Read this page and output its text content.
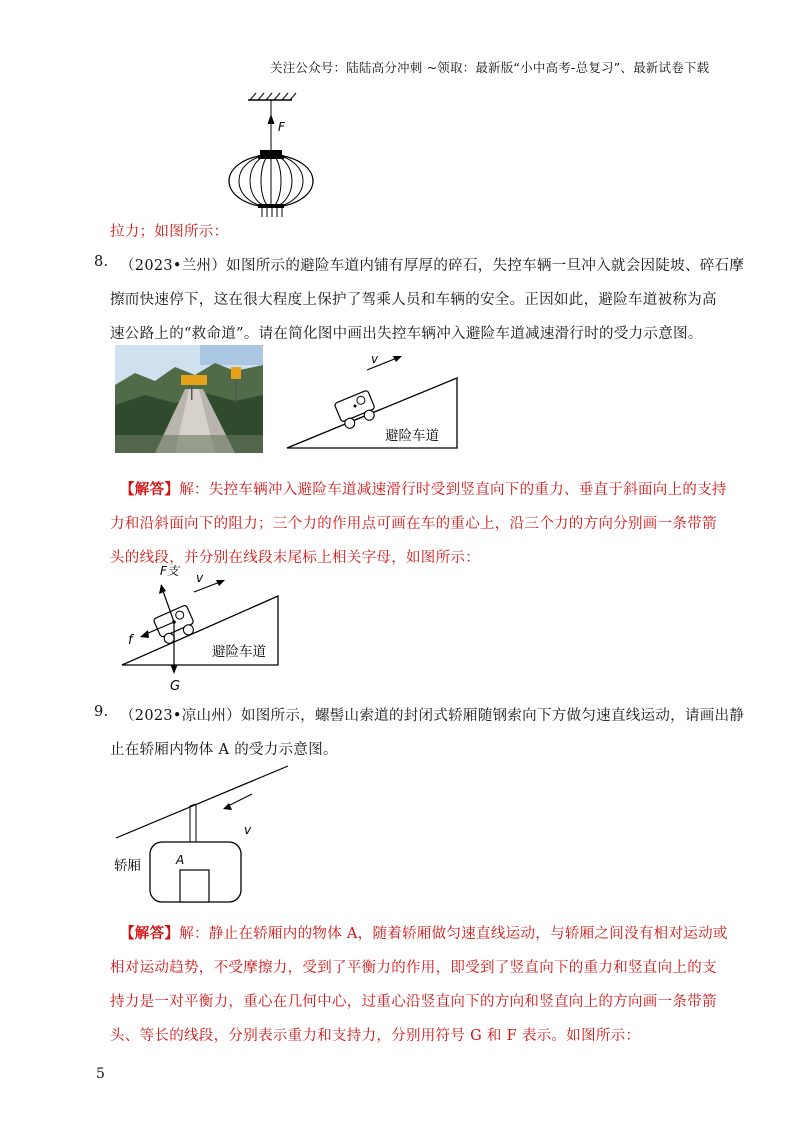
关注公众号：陆陆高分冲刺 ~领取：最新版“小中高考-总复习”、最新试卷下载
F
拉力；如图所示：
8. （2023•兰州）如图所示的避险车道内铺有厚厚的碎石，失控车辆一旦冲入就会因陡坡、碎石摩
擦而快速停下，这在很大程度上保护了驾乘人员和车辆的安全。正因如此，避险车道被称为高
速公路上的“救命道”。请在简化图中画出失控车辆冲入避险车道减速滑行时的受力示意图。
v
避险车道
【解答】解：失控车辆冲入避险车道减速滑行时受到竖直向下的重力、垂直于斜面向上的支持
力和沿斜面向下的阻力；三个力的作用点可画在车的重心上，沿三个力的方向分别画一条带箭
头的线段，并分别在线段末尾标上相关字母，如图所示：
F支
f
G
v
避险车道
9. （2023•凉山州）如图所示，螺髻山索道的封闭式轿厢随钢索向下方做匀速直线运动，请画出静
止在轿厢内物体 A 的受力示意图。
v
轿厢	A
【解答】解：静止在轿厢内的物体 A，随着轿厢做匀速直线运动，与轿厢之间没有相对运动或
相对运动趋势，不受摩擦力，受到了平衡力的作用，即受到了竖直向下的重力和竖直向上的支
持力是一对平衡力，重心在几何中心，过重心沿竖直向下的方向和竖直向上的方向画一条带箭
头、等长的线段，分别表示重力和支持力，分别用符号 G 和 F 表示。如图所示：
5
